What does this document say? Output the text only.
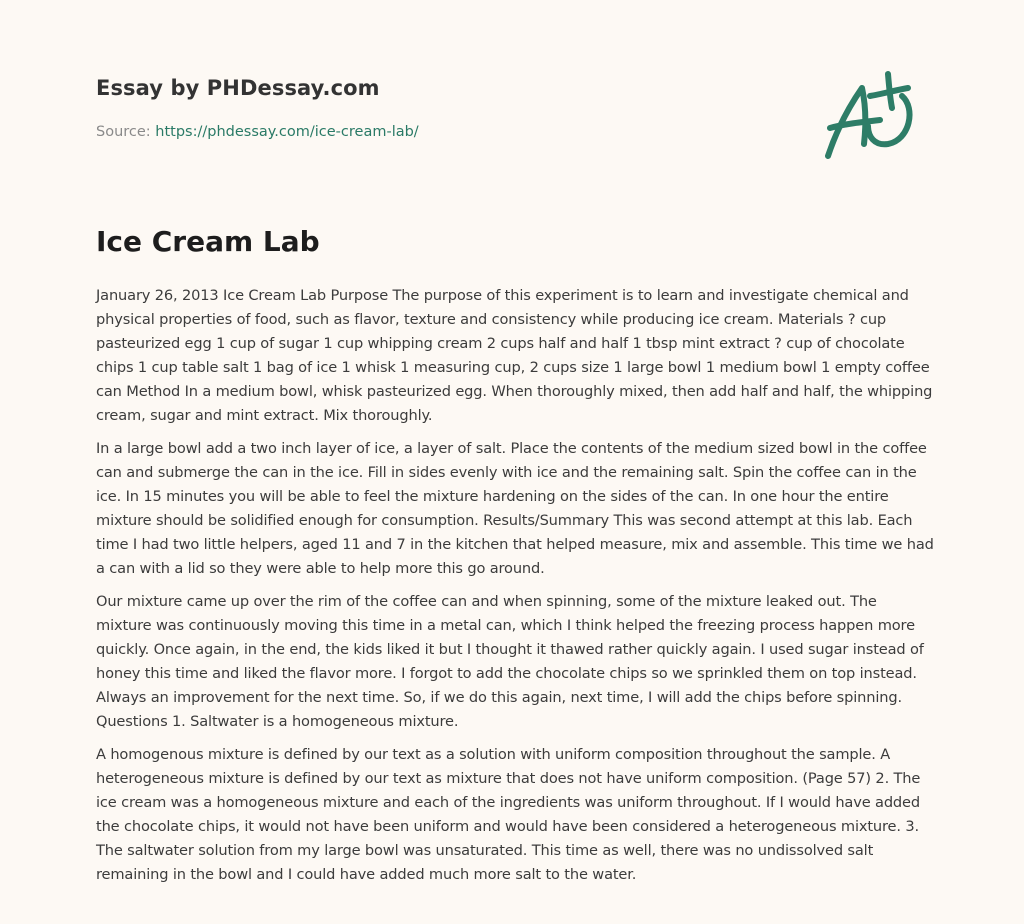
Essay by PHDessay.com

Source: https://phdessay.com/ice-cream-lab/

Ice Cream Lab

January 26, 2013 Ice Cream Lab Purpose The purpose of this experiment is to learn and investigate chemical and physical properties of food, such as flavor, texture and consistency while producing ice cream. Materials ? cup pasteurized egg 1 cup of sugar 1 cup whipping cream 2 cups half and half 1 tbsp mint extract ? cup of chocolate chips 1 cup table salt 1 bag of ice 1 whisk 1 measuring cup, 2 cups size 1 large bowl 1 medium bowl 1 empty coffee can Method In a medium bowl, whisk pasteurized egg. When thoroughly mixed, then add half and half, the whipping cream, sugar and mint extract. Mix thoroughly.

In a large bowl add a two inch layer of ice, a layer of salt. Place the contents of the medium sized bowl in the coffee can and submerge the can in the ice. Fill in sides evenly with ice and the remaining salt. Spin the coffee can in the ice. In 15 minutes you will be able to feel the mixture hardening on the sides of the can. In one hour the entire mixture should be solidified enough for consumption. Results/Summary This was second attempt at this lab. Each time I had two little helpers, aged 11 and 7 in the kitchen that helped measure, mix and assemble. This time we had a can with a lid so they were able to help more this go around.

Our mixture came up over the rim of the coffee can and when spinning, some of the mixture leaked out. The mixture was continuously moving this time in a metal can, which I think helped the freezing process happen more quickly. Once again, in the end, the kids liked it but I thought it thawed rather quickly again. I used sugar instead of honey this time and liked the flavor more. I forgot to add the chocolate chips so we sprinkled them on top instead. Always an improvement for the next time. So, if we do this again, next time, I will add the chips before spinning. Questions 1. Saltwater is a homogeneous mixture.

A homogenous mixture is defined by our text as a solution with uniform composition throughout the sample. A heterogeneous mixture is defined by our text as mixture that does not have uniform composition. (Page 57) 2. The ice cream was a homogeneous mixture and each of the ingredients was uniform throughout. If I would have added the chocolate chips, it would not have been uniform and would have been considered a heterogeneous mixture. 3. The saltwater solution from my large bowl was unsaturated. This time as well, there was no undissolved salt remaining in the bowl and I could have added much more salt to the water.
